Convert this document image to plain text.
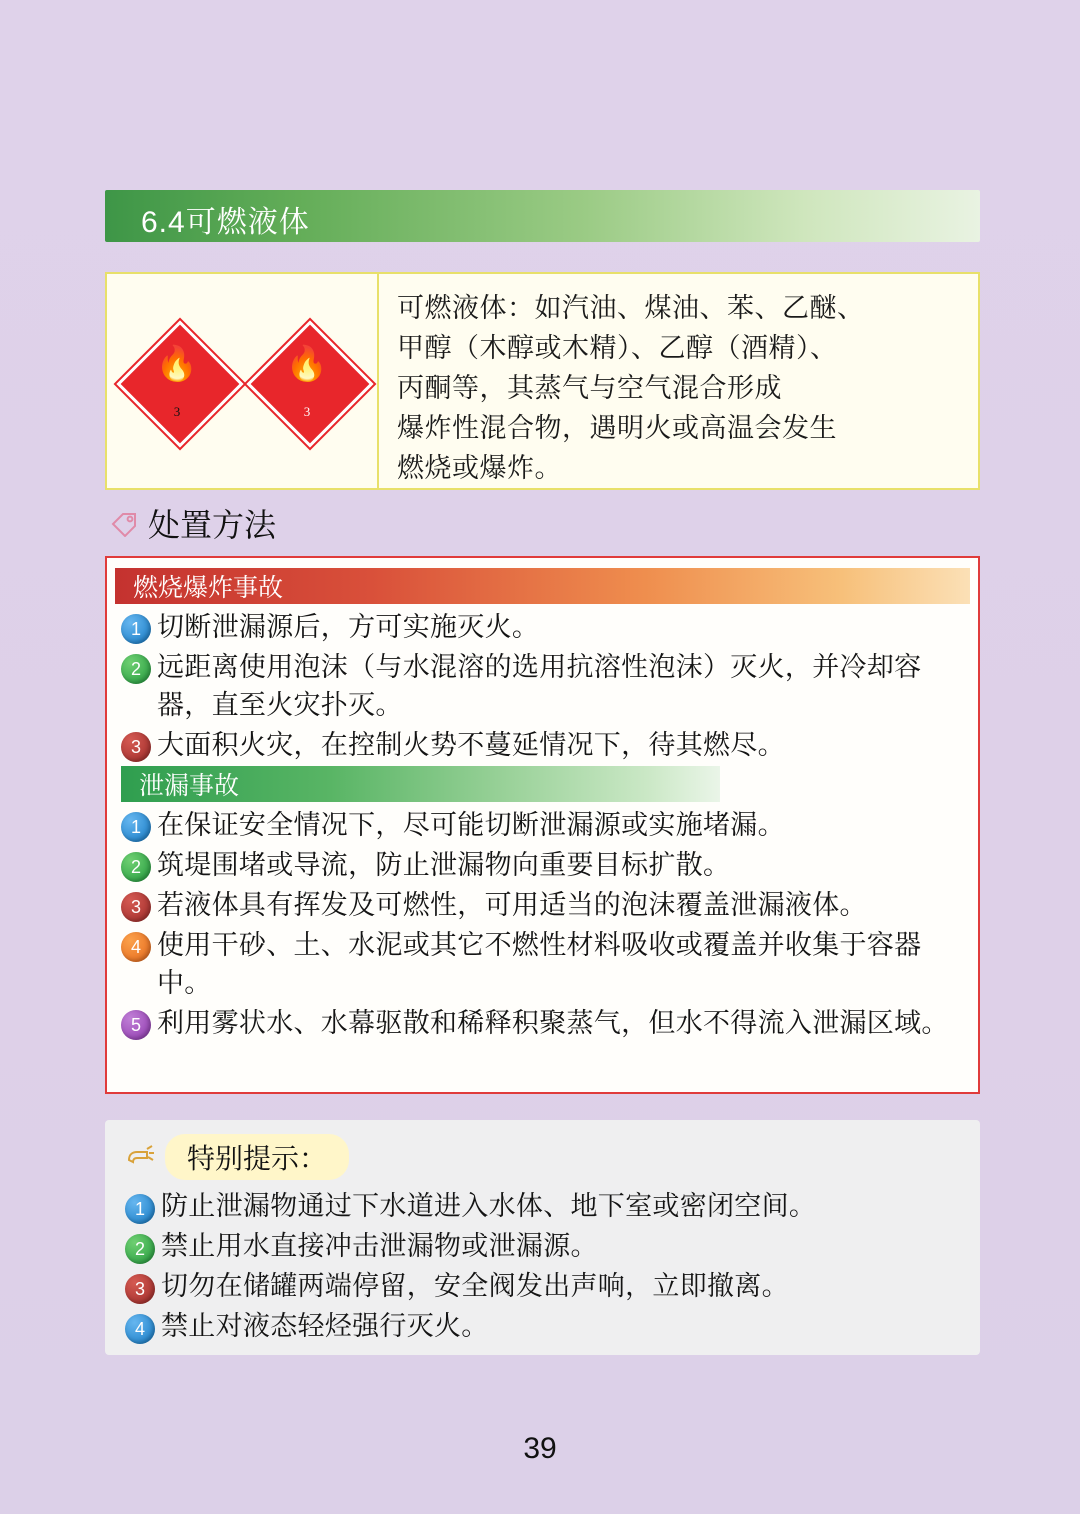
6.4可燃液体
🔥
3
🔥
3

可燃液体：如汽油、煤油、苯、乙醚、

甲醇（木醇或木精）、乙醇（酒精）、

丙酮等，其蒸气与空气混合形成

爆炸性混合物，遇明火或高温会发生

燃烧或爆炸。

处置方法
燃烧爆炸事故
1 切断泄漏源后，方可实施灭火。
2 远距离使用泡沫（与水混溶的选用抗溶性泡沫）灭火，并冷却容器，直至火灾扑灭。
3 大面积火灾，在控制火势不蔓延情况下，待其燃尽。
泄漏事故
1 在保证安全情况下，尽可能切断泄漏源或实施堵漏。
2 筑堤围堵或导流，防止泄漏物向重要目标扩散。
3 若液体具有挥发及可燃性，可用适当的泡沫覆盖泄漏液体。
4 使用干砂、土、水泥或其它不燃性材料吸收或覆盖并收集于容器中。
5 利用雾状水、水幕驱散和稀释积聚蒸气，但水不得流入泄漏区域。
特别提示：
1 防止泄漏物通过下水道进入水体、地下室或密闭空间。
2 禁止用水直接冲击泄漏物或泄漏源。
3 切勿在储罐两端停留，安全阀发出声响，立即撤离。
4 禁止对液态轻烃强行灭火。
39
